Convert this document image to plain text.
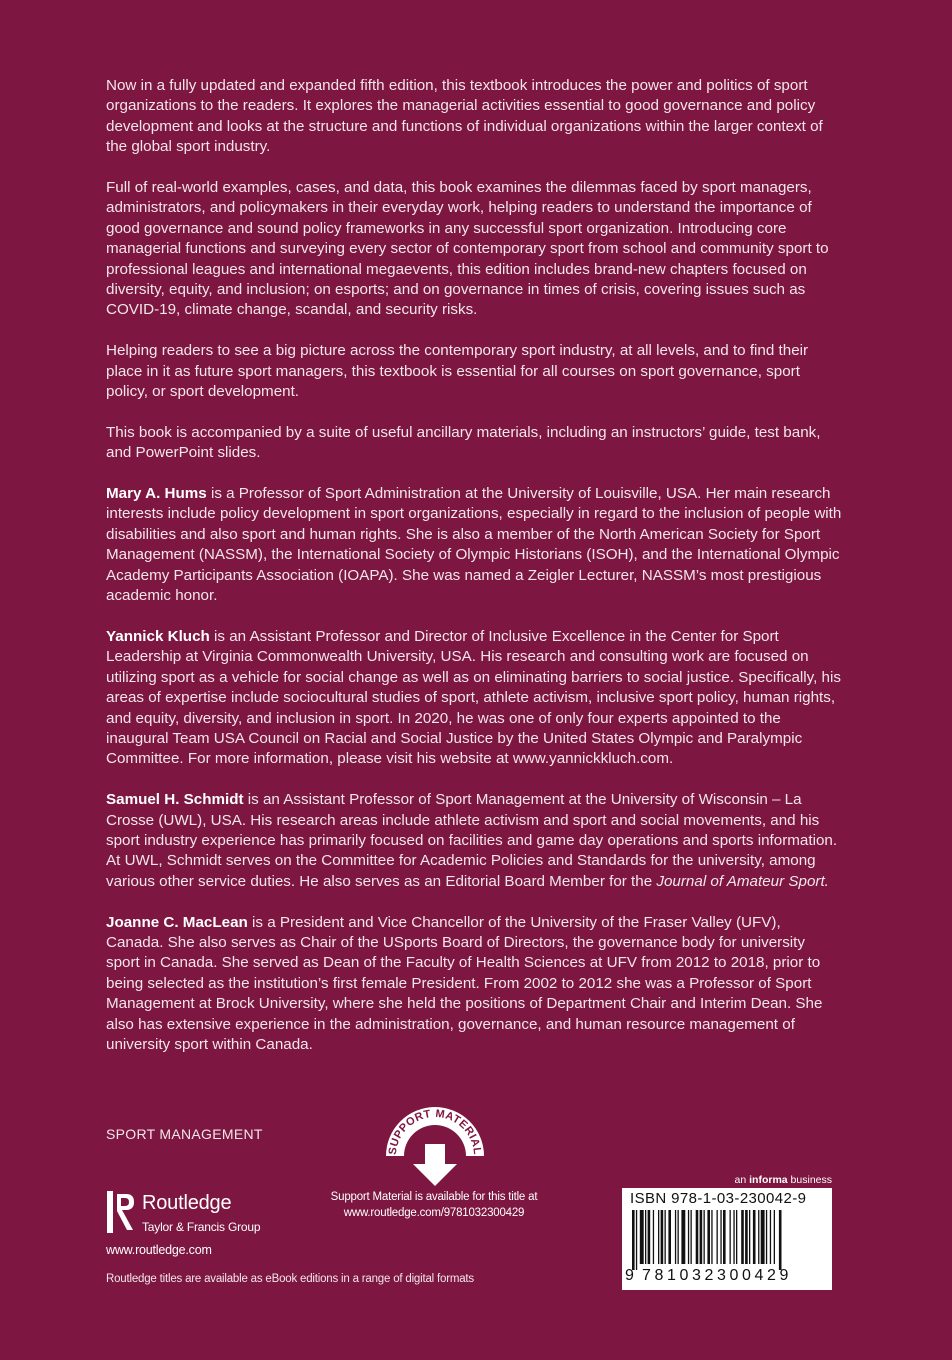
Now in a fully updated and expanded fifth edition, this textbook introduces the power and politics of sport organizations to the readers. It explores the managerial activities essential to good governance and policy development and looks at the structure and functions of individual organizations within the larger context of the global sport industry.

Full of real-world examples, cases, and data, this book examines the dilemmas faced by sport managers, administrators, and policymakers in their everyday work, helping readers to understand the importance of good governance and sound policy frameworks in any successful sport organization. Introducing core managerial functions and surveying every sector of contemporary sport from school and community sport to professional leagues and international megaevents, this edition includes brand-new chapters focused on diversity, equity, and inclusion; on esports; and on governance in times of crisis, covering issues such as COVID-19, climate change, scandal, and security risks.

Helping readers to see a big picture across the contemporary sport industry, at all levels, and to find their place in it as future sport managers, this textbook is essential for all courses on sport governance, sport policy, or sport development.

This book is accompanied by a suite of useful ancillary materials, including an instructors’ guide, test bank, and PowerPoint slides.

Mary A. Hums is a Professor of Sport Administration at the University of Louisville, USA. Her main research interests include policy development in sport organizations, especially in regard to the inclusion of people with disabilities and also sport and human rights. She is also a member of the North American Society for Sport Management (NASSM), the International Society of Olympic Historians (ISOH), and the International Olympic Academy Participants Association (IOAPA). She was named a Zeigler Lecturer, NASSM’s most prestigious academic honor.

Yannick Kluch is an Assistant Professor and Director of Inclusive Excellence in the Center for Sport Leadership at Virginia Commonwealth University, USA. His research and consulting work are focused on utilizing sport as a vehicle for social change as well as on eliminating barriers to social justice. Specifically, his areas of expertise include sociocultural studies of sport, athlete activism, inclusive sport policy, human rights, and equity, diversity, and inclusion in sport. In 2020, he was one of only four experts appointed to the inaugural Team USA Council on Racial and Social Justice by the United States Olympic and Paralympic Committee. For more information, please visit his website at www.yannickkluch.com.

Samuel H. Schmidt is an Assistant Professor of Sport Management at the University of Wisconsin – La Crosse (UWL), USA. His research areas include athlete activism and sport and social movements, and his sport industry experience has primarily focused on facilities and game day operations and sports information. At UWL, Schmidt serves on the Committee for Academic Policies and Standards for the university, among various other service duties. He also serves as an Editorial Board Member for the Journal of Amateur Sport.

Joanne C. MacLean is a President and Vice Chancellor of the University of the Fraser Valley (UFV), Canada. She also serves as Chair of the USports Board of Directors, the governance body for university sport in Canada. She served as Dean of the Faculty of Health Sciences at UFV from 2012 to 2018, prior to being selected as the institution’s first female President. From 2002 to 2012 she was a Professor of Sport Management at Brock University, where she held the positions of Department Chair and Interim Dean. She also has extensive experience in the administration, governance, and human resource management of university sport within Canada.

SPORT MANAGEMENT
Routledge
Taylor & Francis Group
www.routledge.com
Routledge titles are available as eBook editions in a range of digital formats
SUPPORT MATERIAL
Support Material is available for this title at
www.routledge.com/9781032300429
an informa business
ISBN 978-1-03-230042-9
9 781032300429
